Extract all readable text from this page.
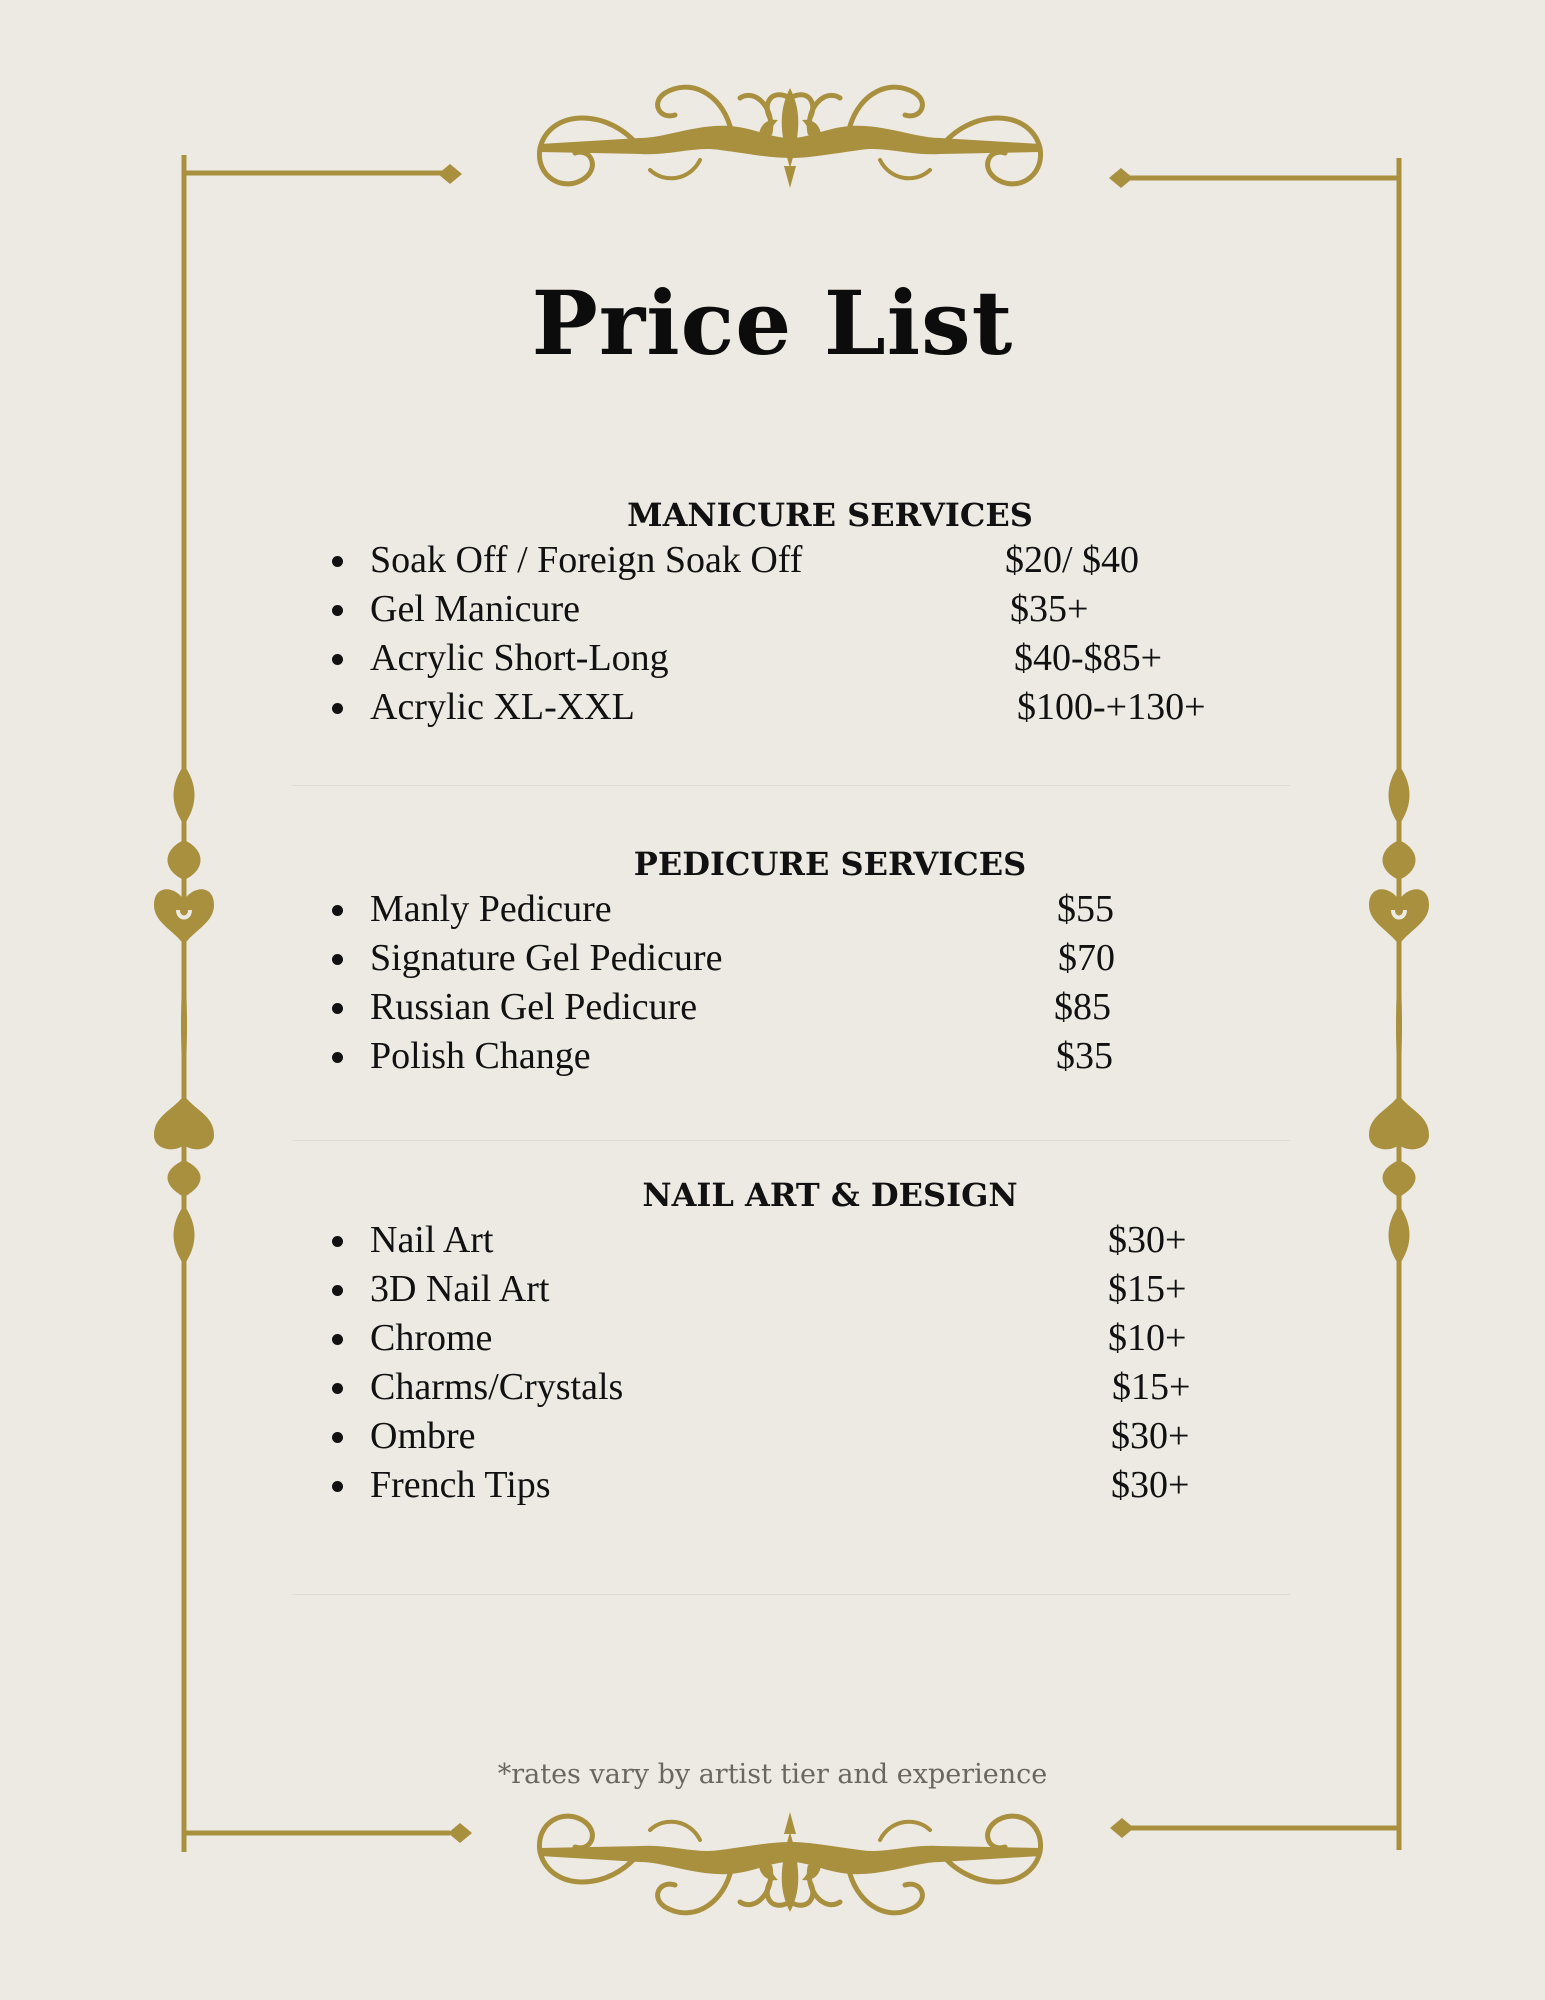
Price List
MANICURE SERVICES
Soak Off / Foreign Soak Off	$20/ $40
Gel Manicure	$35+
Acrylic Short-Long	$40-$85+
Acrylic XL-XXL	$100-+130+
PEDICURE SERVICES
Manly Pedicure	$55
Signature Gel Pedicure	$70
Russian Gel Pedicure	$85
Polish Change	$35
NAIL ART & DESIGN
Nail Art	$30+
3D Nail Art	$15+
Chrome	$10+
Charms/Crystals	$15+
Ombre	$30+
French Tips	$30+

*rates vary by artist tier and experience
